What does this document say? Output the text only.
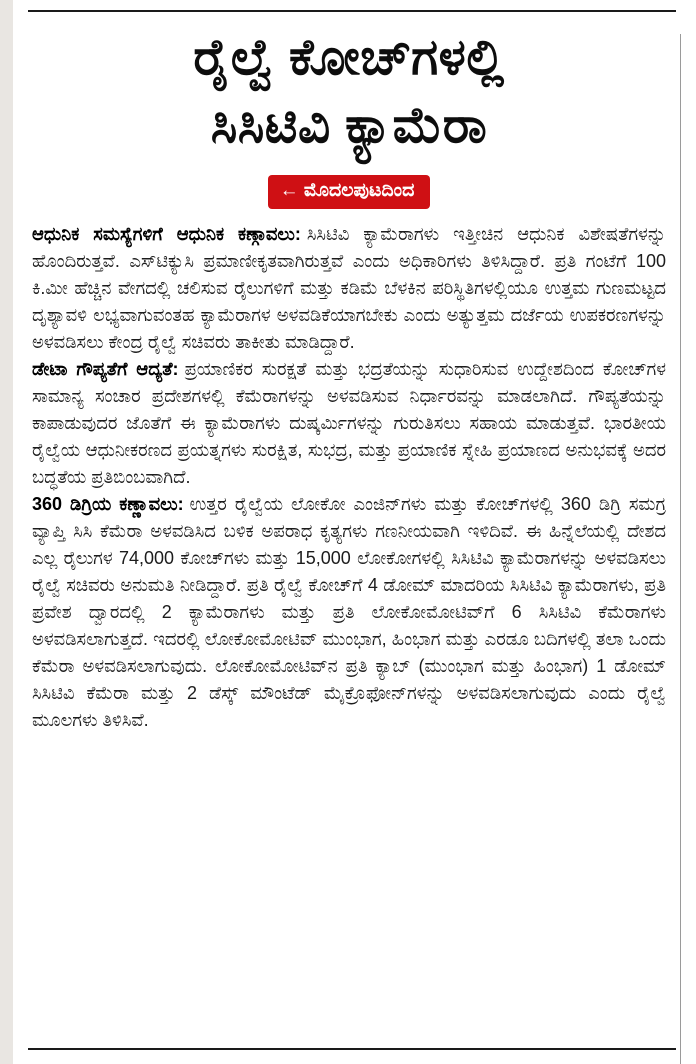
ರೈಲ್ವೆ ಕೋಚ್‌ಗಳಲ್ಲಿ
ಸಿಸಿಟಿವಿ ಕ್ಯಾಮೆರಾ
← ಮೊದಲಪುಟದಿಂದ

ಆಧುನಿಕ ಸಮಸ್ಯೆಗಳಿಗೆ ಆಧುನಿಕ ಕಣ್ಗಾವಲು: ಸಿಸಿಟಿವಿ ಕ್ಯಾಮೆರಾಗಳು ಇತ್ತೀಚಿನ ಆಧುನಿಕ ವಿಶೇಷತೆಗಳನ್ನು ಹೊಂದಿರುತ್ತವೆ. ಎಸ್‌ಟಿಕ್ಯುಸಿ ಪ್ರಮಾಣೀಕೃತವಾಗಿರುತ್ತವೆ ಎಂದು ಅಧಿಕಾರಿಗಳು ತಿಳಿಸಿದ್ದಾರೆ. ಪ್ರತಿ ಗಂಟೆಗೆ 100 ಕಿ.ಮೀ ಹೆಚ್ಚಿನ ವೇಗದಲ್ಲಿ ಚಲಿಸುವ ರೈಲುಗಳಿಗೆ ಮತ್ತು ಕಡಿಮೆ ಬೆಳಕಿನ ಪರಿಸ್ಥಿತಿಗಳಲ್ಲಿಯೂ ಉತ್ತಮ ಗುಣಮಟ್ಟದ ದೃಶ್ಯಾವಳಿ ಲಭ್ಯವಾಗುವಂತಹ ಕ್ಯಾಮೆರಾಗಳ ಅಳವಡಿಕೆಯಾಗಬೇಕು ಎಂದು ಅತ್ಯುತ್ತಮ ದರ್ಜೆಯ ಉಪಕರಣಗಳನ್ನು ಅಳವಡಿಸಲು ಕೇಂದ್ರ ರೈಲ್ವೆ ಸಚಿವರು ತಾಕೀತು ಮಾಡಿದ್ದಾರೆ.

ಡೇಟಾ ಗೌಪ್ಯತೆಗೆ ಆದ್ಯತೆ: ಪ್ರಯಾಣಿಕರ ಸುರಕ್ಷತೆ ಮತ್ತು ಭದ್ರತೆಯನ್ನು ಸುಧಾರಿಸುವ ಉದ್ದೇಶದಿಂದ ಕೋಚ್‌ಗಳ ಸಾಮಾನ್ಯ ಸಂಚಾರ ಪ್ರದೇಶಗಳಲ್ಲಿ ಕೆಮೆರಾಗಳನ್ನು ಅಳವಡಿಸುವ ನಿರ್ಧಾರವನ್ನು ಮಾಡಲಾಗಿದೆ. ಗೌಪ್ಯತೆಯನ್ನು ಕಾಪಾಡುವುದರ ಜೊತೆಗೆ ಈ ಕ್ಯಾಮೆರಾಗಳು ದುಷ್ಕರ್ಮಿಗಳನ್ನು ಗುರುತಿಸಲು ಸಹಾಯ ಮಾಡುತ್ತವೆ. ಭಾರತೀಯ ರೈಲ್ವೆಯ ಆಧುನೀಕರಣದ ಪ್ರಯತ್ನಗಳು ಸುರಕ್ಷಿತ, ಸುಭದ್ರ, ಮತ್ತು ಪ್ರಯಾಣಿಕ ಸ್ನೇಹಿ ಪ್ರಯಾಣದ ಅನುಭವಕ್ಕೆ ಅದರ ಬದ್ಧತೆಯ ಪ್ರತಿಬಿಂಬವಾಗಿದೆ.

360 ಡಿಗ್ರಿಯ ಕಣ್ಣಾವಲು: ಉತ್ತರ ರೈಲ್ವೆಯ ಲೋಕೋ ಎಂಜಿನ್‌ಗಳು ಮತ್ತು ಕೋಚ್‌ಗಳಲ್ಲಿ 360 ಡಿಗ್ರಿ ಸಮಗ್ರ ವ್ಯಾಪ್ತಿ ಸಿಸಿ ಕೆಮೆರಾ ಅಳವಡಿಸಿದ ಬಳಿಕ ಅಪರಾಧ ಕೃತ್ಯಗಳು ಗಣನೀಯವಾಗಿ ಇಳಿದಿವೆ. ಈ ಹಿನ್ನೆಲೆಯಲ್ಲಿ ದೇಶದ ಎಲ್ಲ ರೈಲುಗಳ 74,000 ಕೋಚ್‌ಗಳು ಮತ್ತು 15,000 ಲೋಕೋಗಳಲ್ಲಿ ಸಿಸಿಟಿವಿ ಕ್ಯಾಮೆರಾಗಳನ್ನು ಅಳವಡಿಸಲು ರೈಲ್ವೆ ಸಚಿವರು ಅನುಮತಿ ನೀಡಿದ್ದಾರೆ. ಪ್ರತಿ ರೈಲ್ವೆ ಕೋಚ್‌ಗೆ 4 ಡೋಮ್ ಮಾದರಿಯ ಸಿಸಿಟಿವಿ ಕ್ಯಾಮೆರಾಗಳು, ಪ್ರತಿ ಪ್ರವೇಶ ದ್ವಾರದಲ್ಲಿ 2 ಕ್ಯಾಮೆರಾಗಳು ಮತ್ತು ಪ್ರತಿ ಲೋಕೋಮೋಟಿವ್‌ಗೆ 6 ಸಿಸಿಟಿವಿ ಕೆಮೆರಾಗಳು ಅಳವಡಿಸಲಾಗುತ್ತದೆ. ಇದರಲ್ಲಿ ಲೋಕೋಮೋಟಿವ್ ಮುಂಭಾಗ, ಹಿಂಭಾಗ ಮತ್ತು ಎರಡೂ ಬದಿಗಳಲ್ಲಿ ತಲಾ ಒಂದು ಕೆಮೆರಾ ಅಳವಡಿಸಲಾಗುವುದು. ಲೋಕೋಮೋಟಿವ್‌ನ ಪ್ರತಿ ಕ್ಯಾಬ್ (ಮುಂಭಾಗ ಮತ್ತು ಹಿಂಭಾಗ) 1 ಡೋಮ್ ಸಿಸಿಟಿವಿ ಕೆಮೆರಾ ಮತ್ತು 2 ಡೆಸ್ಕ್ ಮೌಂಟೆಡ್ ಮೈಕ್ರೊಫೋನ್‌ಗಳನ್ನು ಅಳವಡಿಸಲಾಗುವುದು ಎಂದು ರೈಲ್ವೆ ಮೂಲಗಳು ತಿಳಿಸಿವೆ.
